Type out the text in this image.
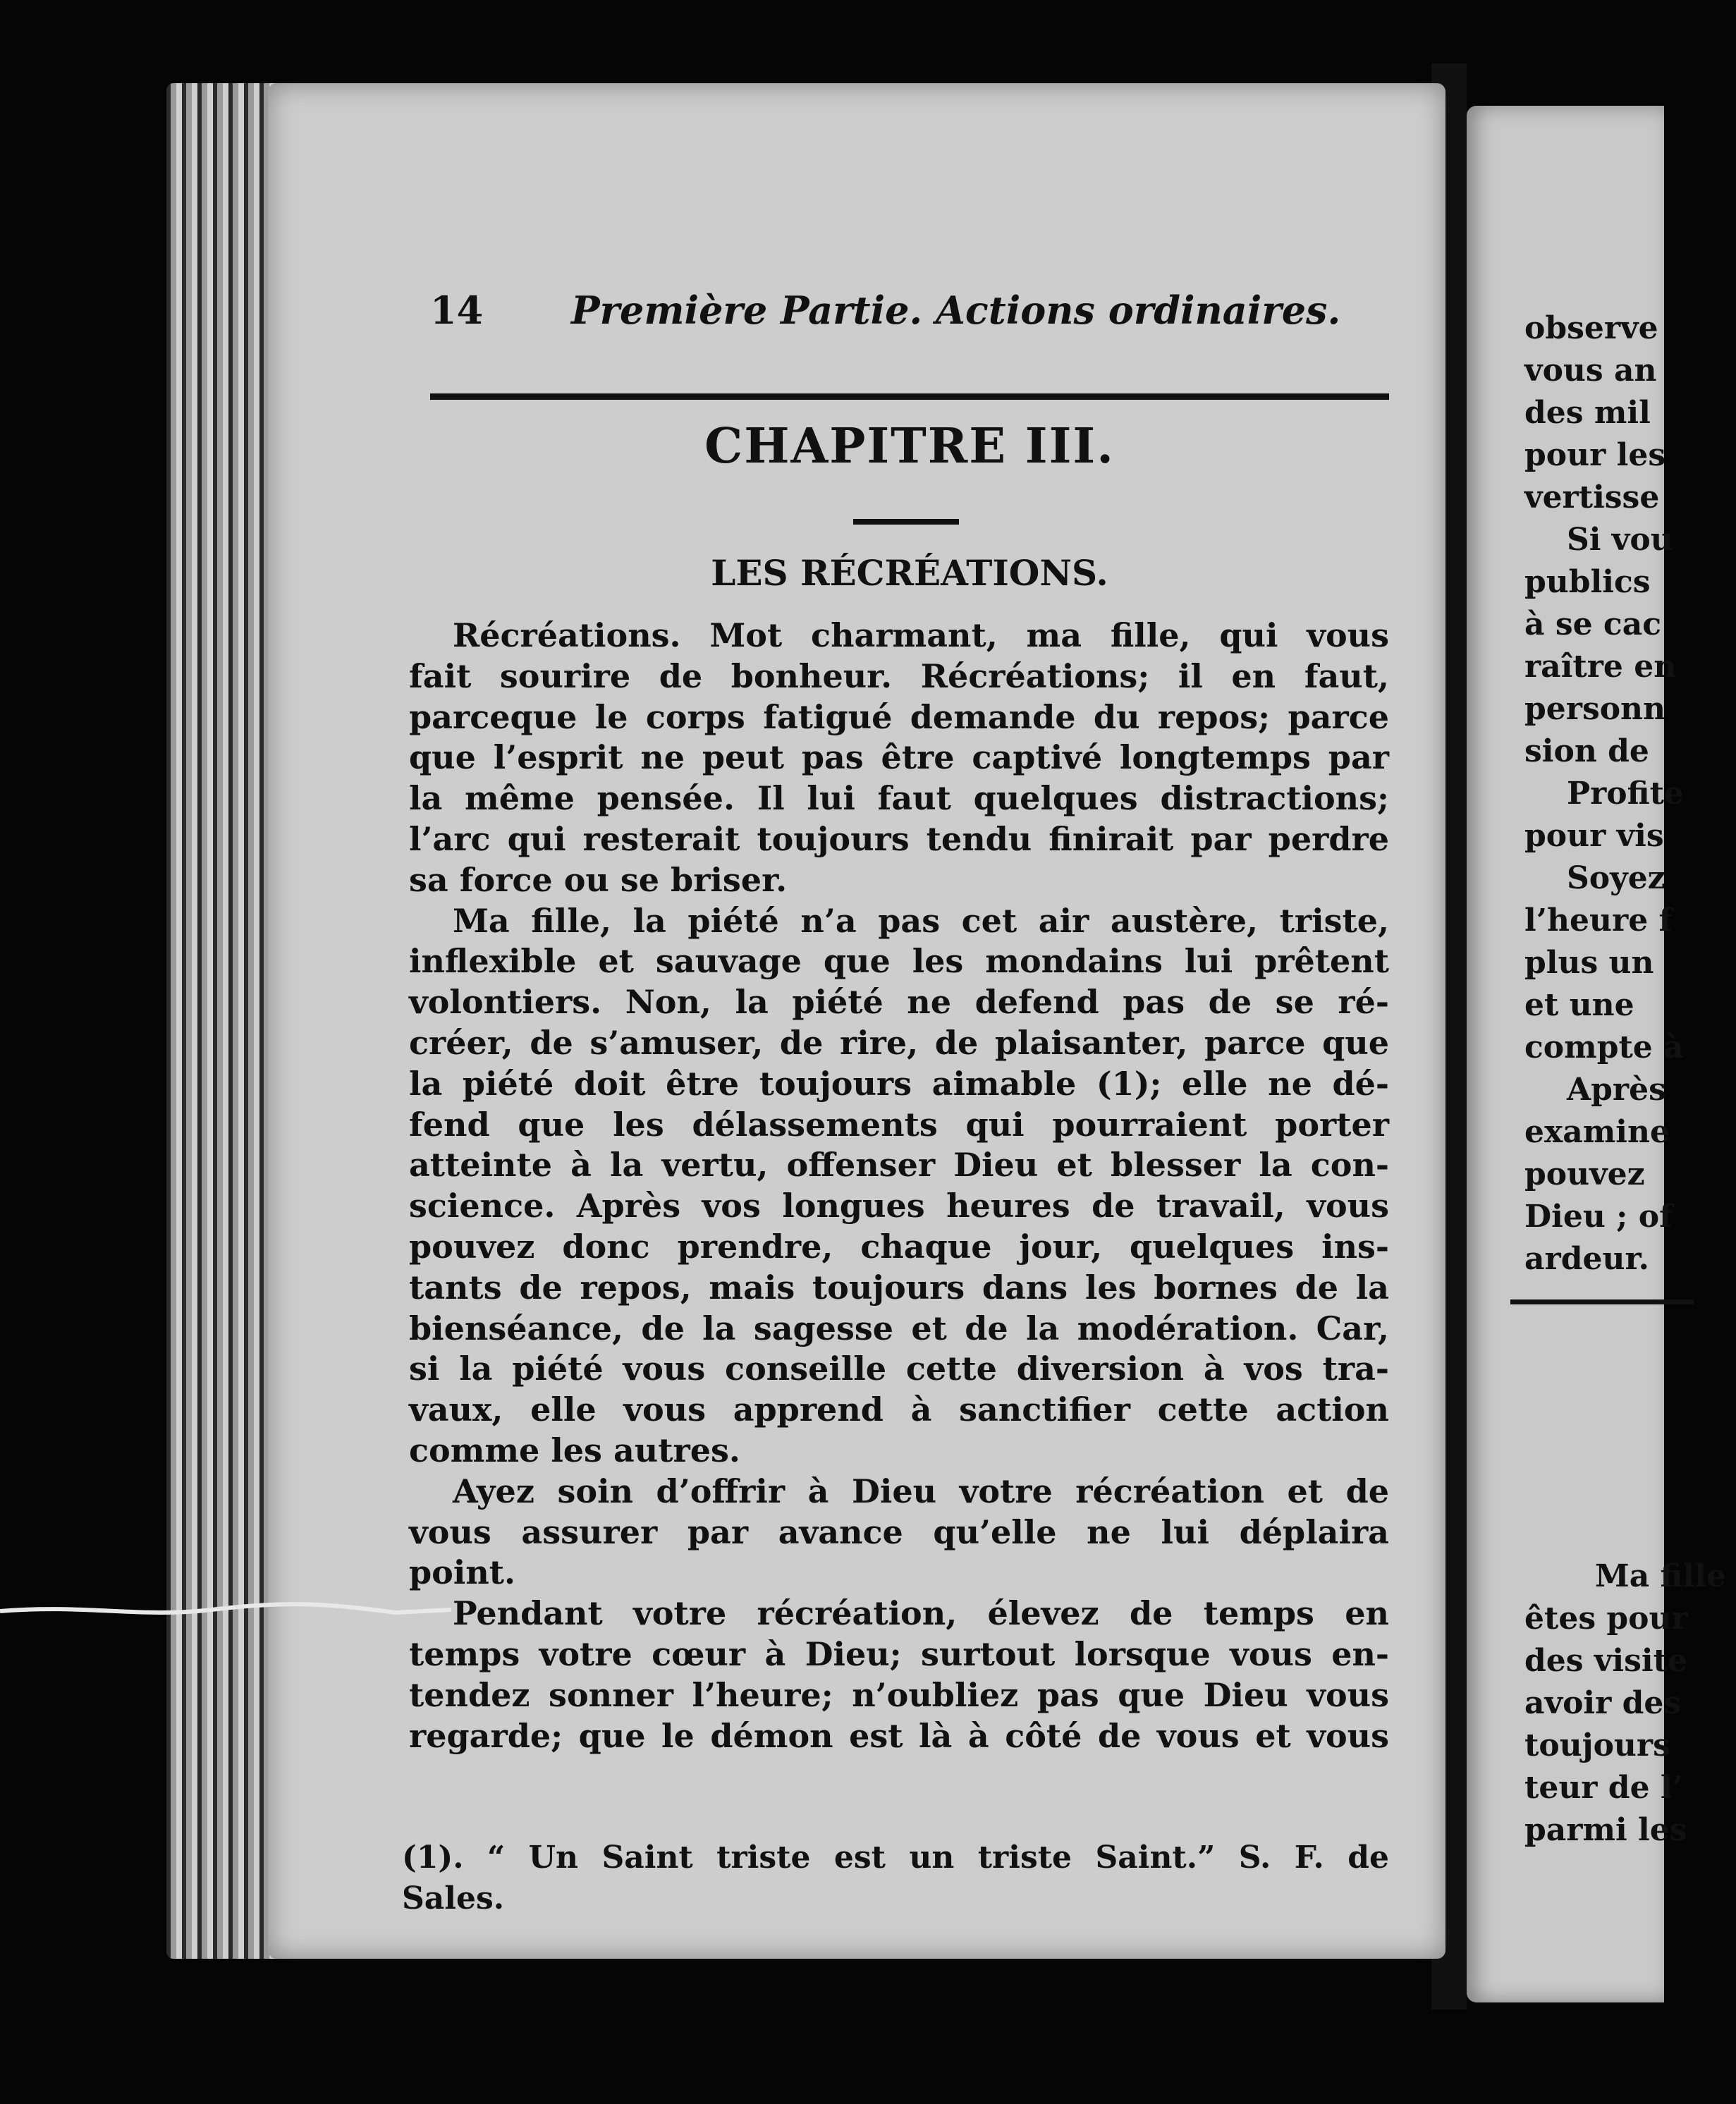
14 Première Partie. Actions ordinaires.
CHAPITRE III.
LES RÉCRÉATIONS.
Récréations. Mot charmant, ma fille, qui vous
fait sourire de bonheur. Récréations; il en faut,
parceque le corps fatigué demande du repos; parce
que l’esprit ne peut pas être captivé longtemps par
la même pensée. Il lui faut quelques distractions;
l’arc qui resterait toujours tendu finirait par perdre
sa force ou se briser.
Ma fille, la piété n’a pas cet air austère, triste,
inflexible et sauvage que les mondains lui prêtent
volontiers. Non, la piété ne defend pas de se ré-
créer, de s’amuser, de rire, de plaisanter, parce que
la piété doit être toujours aimable (1); elle ne dé-
fend que les délassements qui pourraient porter
atteinte à la vertu, offenser Dieu et blesser la con-
science. Après vos longues heures de travail, vous
pouvez donc prendre, chaque jour, quelques ins-
tants de repos, mais toujours dans les bornes de la
bienséance, de la sagesse et de la modération. Car,
si la piété vous conseille cette diversion à vos tra-
vaux, elle vous apprend à sanctifier cette action
comme les autres.
Ayez soin d’offrir à Dieu votre récréation et de
vous assurer par avance qu’elle ne lui déplaira
point.
Pendant votre récréation, élevez de temps en
temps votre cœur à Dieu; surtout lorsque vous en-
tendez sonner l’heure; n’oubliez pas que Dieu vous
regarde; que le démon est là à côté de vous et vous
(1). “ Un Saint triste est un triste Saint.” S. F. de
Sales.
observe
vous an
des mil
pour les
vertisse
Si vou
publics
à se cac
raître en
personn
sion de
Profite
pour vis
Soyez
l’heure f
plus un
et une
compte à
Après
examine
pouvez
Dieu ; of
ardeur.
Ma fille
êtes pour
des visite
avoir des
toujours
teur de l’
parmi les
